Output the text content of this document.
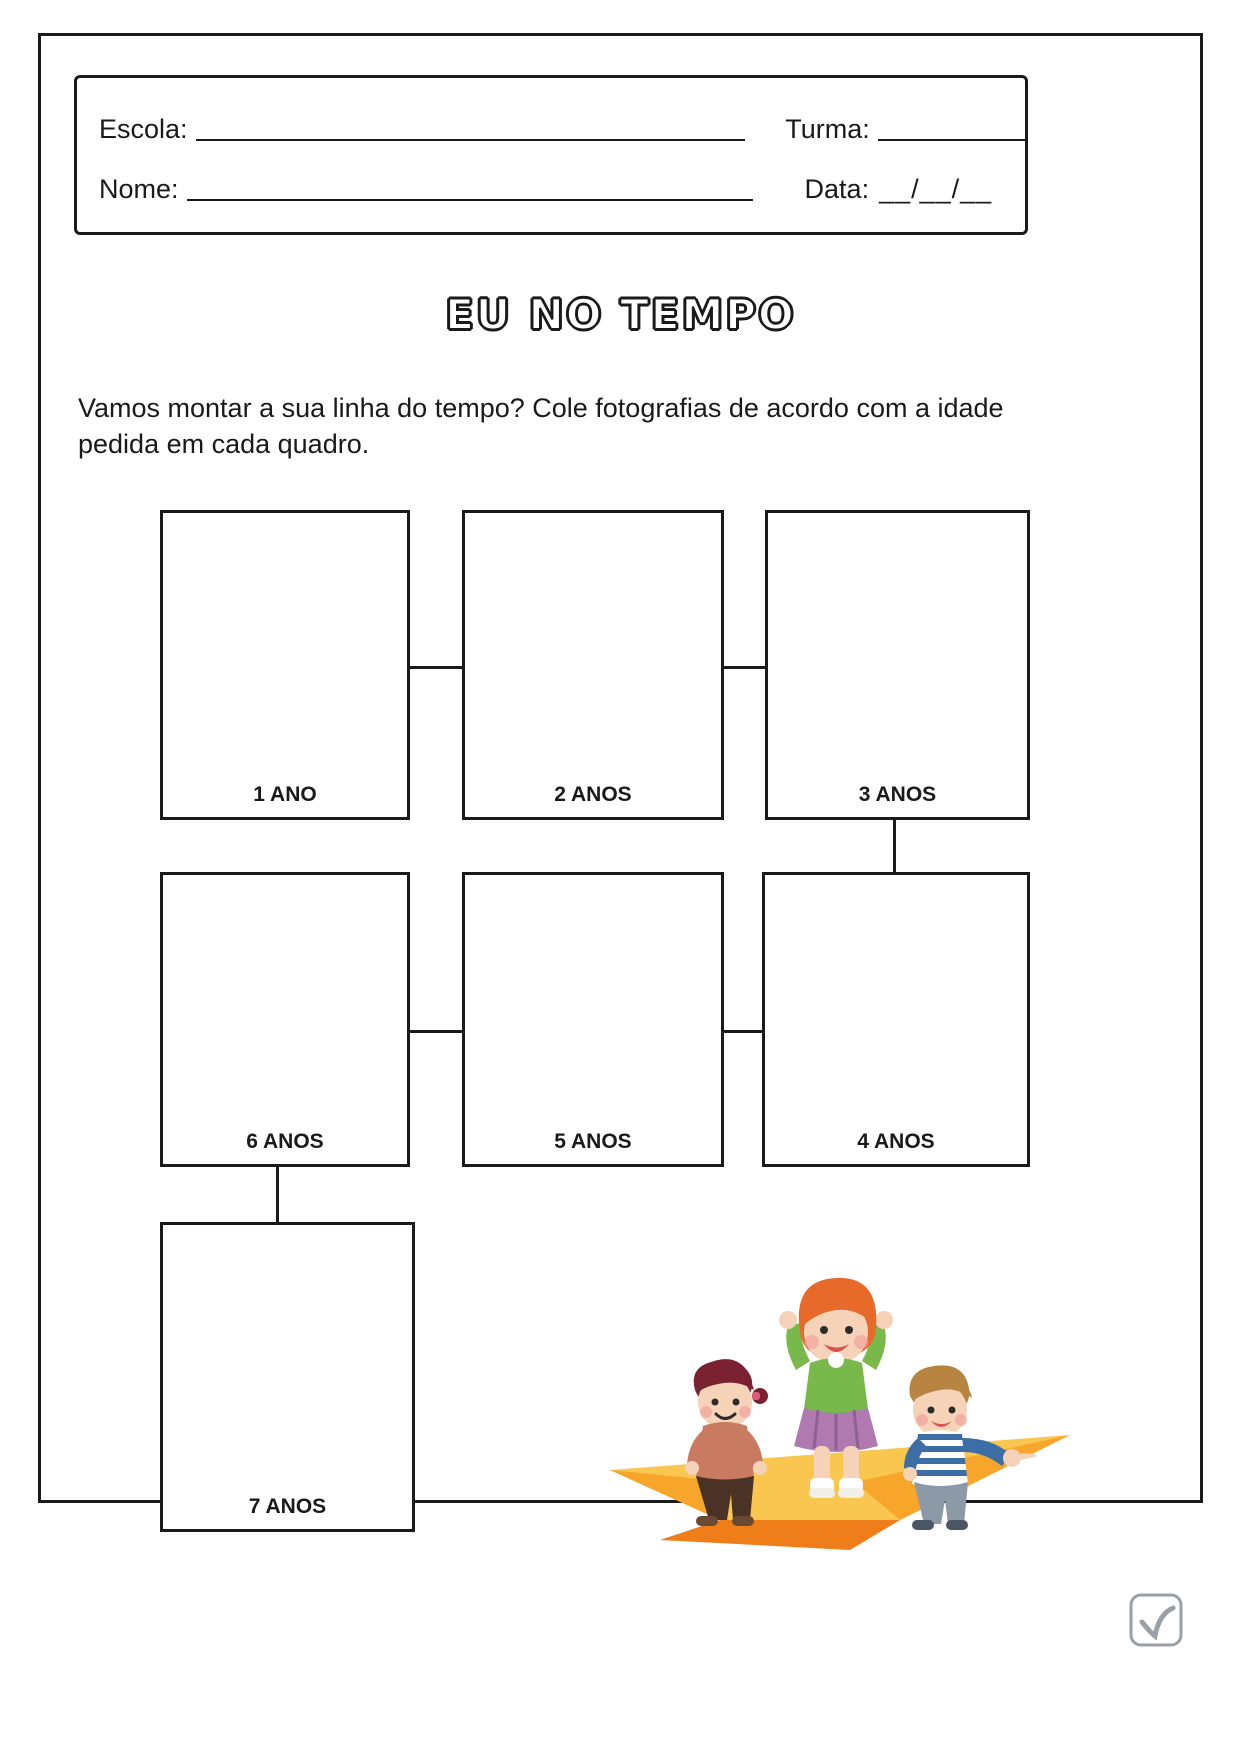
Escola:	Turma:
Nome:	Data: __/__/__
EU NO TEMPO
Vamos montar a sua linha do tempo? Cole fotografias de acordo com a idade pedida em cada quadro.
1 ANO	2 ANOS	3 ANOS
6 ANOS	5 ANOS	4 ANOS
7 ANOS
